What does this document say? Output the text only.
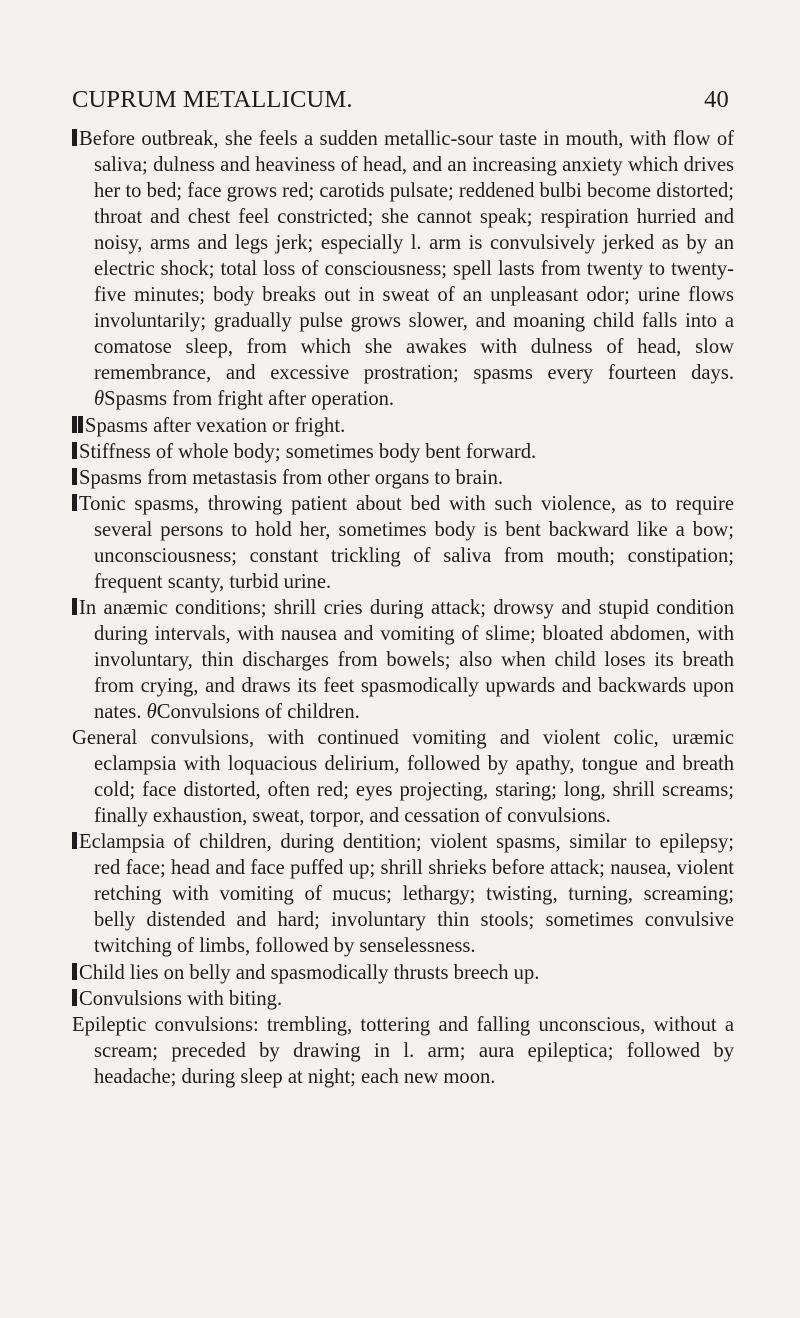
CUPRUM METALLICUM.	40

Before outbreak, she feels a sudden metallic-sour taste in mouth, with flow of saliva; dulness and heaviness of head, and an increasing anxiety which drives her to bed; face grows red; carotids pulsate; reddened bulbi become distorted; throat and chest feel constricted; she cannot speak; respiration hurried and noisy, arms and legs jerk; especially l. arm is convulsively jerked as by an electric shock; total loss of consciousness; spell lasts from twenty to twenty-five minutes; body breaks out in sweat of an unpleasant odor; urine flows involuntarily; gradually pulse grows slower, and moaning child falls into a comatose sleep, from which she awakes with dulness of head, slow remembrance, and excessive prostration; spasms every fourteen days. θSpasms from fright after operation.

Spasms after vexation or fright.

Stiffness of whole body; sometimes body bent forward.

Spasms from metastasis from other organs to brain.

Tonic spasms, throwing patient about bed with such violence, as to require several persons to hold her, sometimes body is bent backward like a bow; unconsciousness; constant trickling of saliva from mouth; constipation; frequent scanty, turbid urine.

In anæmic conditions; shrill cries during attack; drowsy and stupid condition during intervals, with nausea and vomiting of slime; bloated abdomen, with involuntary, thin discharges from bowels; also when child loses its breath from crying, and draws its feet spasmodically upwards and backwards upon nates. θConvulsions of children.

General convulsions, with continued vomiting and violent colic, uræmic eclampsia with loquacious delirium, followed by apathy, tongue and breath cold; face distorted, often red; eyes projecting, staring; long, shrill screams; finally exhaustion, sweat, torpor, and cessation of convulsions.

Eclampsia of children, during dentition; violent spasms, similar to epilepsy; red face; head and face puffed up; shrill shrieks before attack; nausea, violent retching with vomiting of mucus; lethargy; twisting, turning, screaming; belly distended and hard; involuntary thin stools; sometimes convulsive twitching of limbs, followed by senselessness.

Child lies on belly and spasmodically thrusts breech up.

Convulsions with biting.

Epileptic convulsions: trembling, tottering and falling unconscious, without a scream; preceded by drawing in l. arm; aura epileptica; followed by headache; during sleep at night; each new moon.
